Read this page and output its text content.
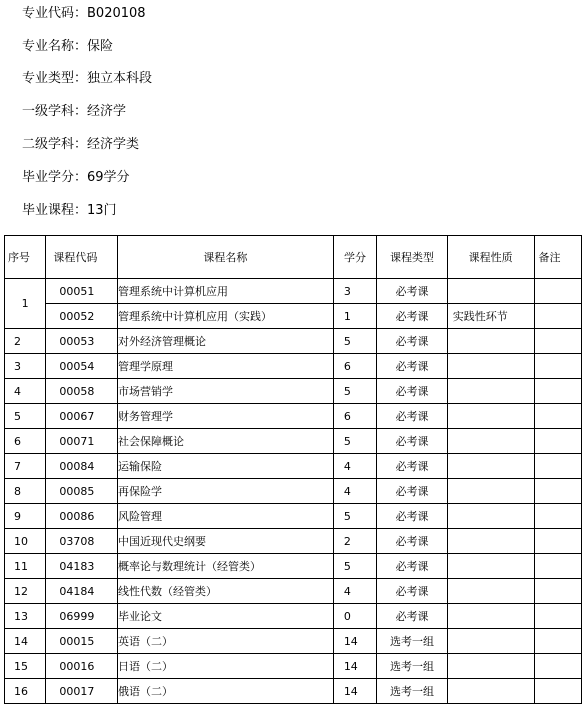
专业代码：B020108
专业名称：保险
专业类型：独立本科段
一级学科：经济学
二级学科：经济学类
毕业学分：69学分
毕业课程：13门
序号	课程代码	课程名称	学分	课程类型	课程性质	备注
1	00051	管理系统中计算机应用	3	必考课		
	00052	管理系统中计算机应用（实践）	1	必考课	实践性环节	
2	00053	对外经济管理概论	5	必考课		
3	00054	管理学原理	6	必考课		
4	00058	市场营销学	5	必考课		
5	00067	财务管理学	6	必考课		
6	00071	社会保障概论	5	必考课		
7	00084	运输保险	4	必考课		
8	00085	再保险学	4	必考课		
9	00086	风险管理	5	必考课		
10	03708	中国近现代史纲要	2	必考课		
11	04183	概率论与数理统计（经管类）	5	必考课		
12	04184	线性代数（经管类）	4	必考课		
13	06999	毕业论文	0	必考课		
14	00015	英语（二）	14	选考一组		
15	00016	日语（二）	14	选考一组		
16	00017	俄语（二）	14	选考一组		
